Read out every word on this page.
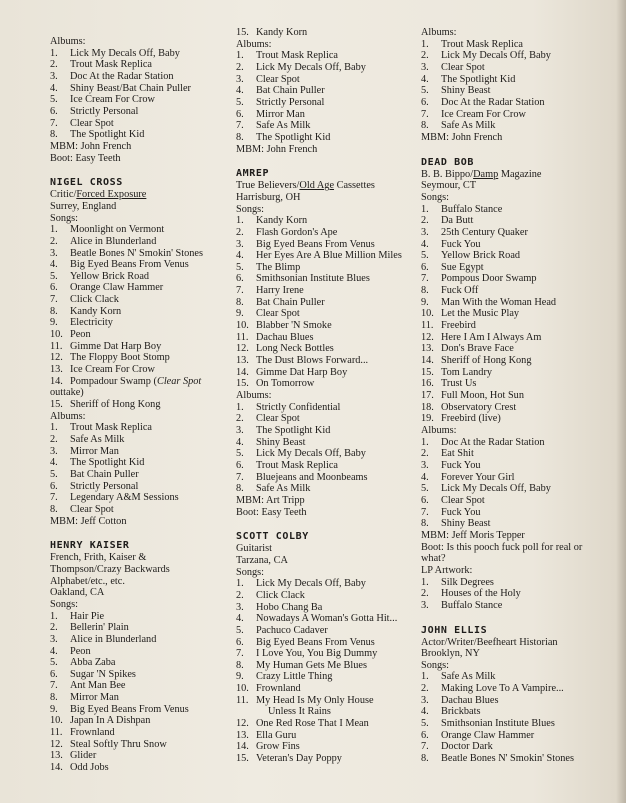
Albums:
1. Lick My Decals Off, Baby
2. Trout Mask Replica
3. Doc At the Radar Station
4. Shiny Beast/Bat Chain Puller
5. Ice Cream For Crow
6. Strictly Personal
7. Clear Spot
8. The Spotlight Kid
MBM: John French
Boot: Easy Teeth
NIGEL CROSS
Critic/Forced Exposure
Surrey, England
Songs:
1. Moonlight on Vermont
2. Alice in Blunderland
3. Beatle Bones N' Smokin' Stones
4. Big Eyed Beans From Venus
5. Yellow Brick Road
6. Orange Claw Hammer
7. Click Clack
8. Kandy Korn
9. Electricity
10. Peon
11. Gimme Dat Harp Boy
12. The Floppy Boot Stomp
13. Ice Cream For Crow
14. Pompadour Swamp (Clear Spot
outtake)
15. Sheriff of Hong Kong
Albums:
1. Trout Mask Replica
2. Safe As Milk
3. Mirror Man
4. The Spotlight Kid
5. Bat Chain Puller
6. Strictly Personal
7. Legendary A&M Sessions
8. Clear Spot
MBM: Jeff Cotton
HENRY KAISER
French, Frith, Kaiser &
Thompson/Crazy Backwards
Alphabet/etc., etc.
Oakland, CA
Songs:
1. Hair Pie
2. Bellerin' Plain
3. Alice in Blunderland
4. Peon
5. Abba Zaba
6. Sugar 'N Spikes
7. Ant Man Bee
8. Mirror Man
9. Big Eyed Beans From Venus
10. Japan In A Dishpan
11. Frownland
12. Steal Softly Thru Snow
13. Glider
14. Odd Jobs
15. Kandy Korn
Albums:
1. Trout Mask Replica
2. Lick My Decals Off, Baby
3. Clear Spot
4. Bat Chain Puller
5. Strictly Personal
6. Mirror Man
7. Safe As Milk
8. The Spotlight Kid
MBM: John French
AMREP
True Believers/Old Age Cassettes
Harrisburg, OH
Songs:
1. Kandy Korn
2. Flash Gordon's Ape
3. Big Eyed Beans From Venus
4. Her Eyes Are A Blue Million Miles
5. The Blimp
6. Smithsonian Institute Blues
7. Harry Irene
8. Bat Chain Puller
9. Clear Spot
10. Blabber 'N Smoke
11. Dachau Blues
12. Long Neck Bottles
13. The Dust Blows Forward...
14. Gimme Dat Harp Boy
15. On Tomorrow
Albums:
1. Strictly Confidential
2. Clear Spot
3. The Spotlight Kid
4. Shiny Beast
5. Lick My Decals Off, Baby
6. Trout Mask Replica
7. Bluejeans and Moonbeams
8. Safe As Milk
MBM: Art Tripp
Boot: Easy Teeth
SCOTT COLBY
Guitarist
Tarzana, CA
Songs:
1. Lick My Decals Off, Baby
2. Click Clack
3. Hobo Chang Ba
4. Nowadays A Woman's Gotta Hit...
5. Pachuco Cadaver
6. Big Eyed Beans From Venus
7. I Love You, You Big Dummy
8. My Human Gets Me Blues
9. Crazy Little Thing
10. Frownland
11. My Head Is My Only House
Unless It Rains
12. One Red Rose That I Mean
13. Ella Guru
14. Grow Fins
15. Veteran's Day Poppy
Albums:
1. Trout Mask Replica
2. Lick My Decals Off, Baby
3. Clear Spot
4. The Spotlight Kid
5. Shiny Beast
6. Doc At the Radar Station
7. Ice Cream For Crow
8. Safe As Milk
MBM: John French
DEAD BOB
B. B. Bippo/Damp Magazine
Seymour, CT
Songs:
1. Buffalo Stance
2. Da Butt
3. 25th Century Quaker
4. Fuck You
5. Yellow Brick Road
6. Sue Egypt
7. Pompous Door Swamp
8. Fuck Off
9. Man With the Woman Head
10. Let the Music Play
11. Freebird
12. Here I Am I Always Am
13. Don's Brave Face
14. Sheriff of Hong Kong
15. Tom Landry
16. Trust Us
17. Full Moon, Hot Sun
18. Observatory Crest
19. Freebird (live)
Albums:
1. Doc At the Radar Station
2. Eat Shit
3. Fuck You
4. Forever Your Girl
5. Lick My Decals Off, Baby
6. Clear Spot
7. Fuck You
8. Shiny Beast
MBM: Jeff Moris Tepper
Boot: Is this pooch fuck poll for real or
what?
LP Artwork:
1. Silk Degrees
2. Houses of the Holy
3. Buffalo Stance
JOHN ELLIS
Actor/Writer/Beefheart Historian
Brooklyn, NY
Songs:
1. Safe As Milk
2. Making Love To A Vampire...
3. Dachau Blues
4. Brickbats
5. Smithsonian Institute Blues
6. Orange Claw Hammer
7. Doctor Dark
8. Beatle Bones N' Smokin' Stones
